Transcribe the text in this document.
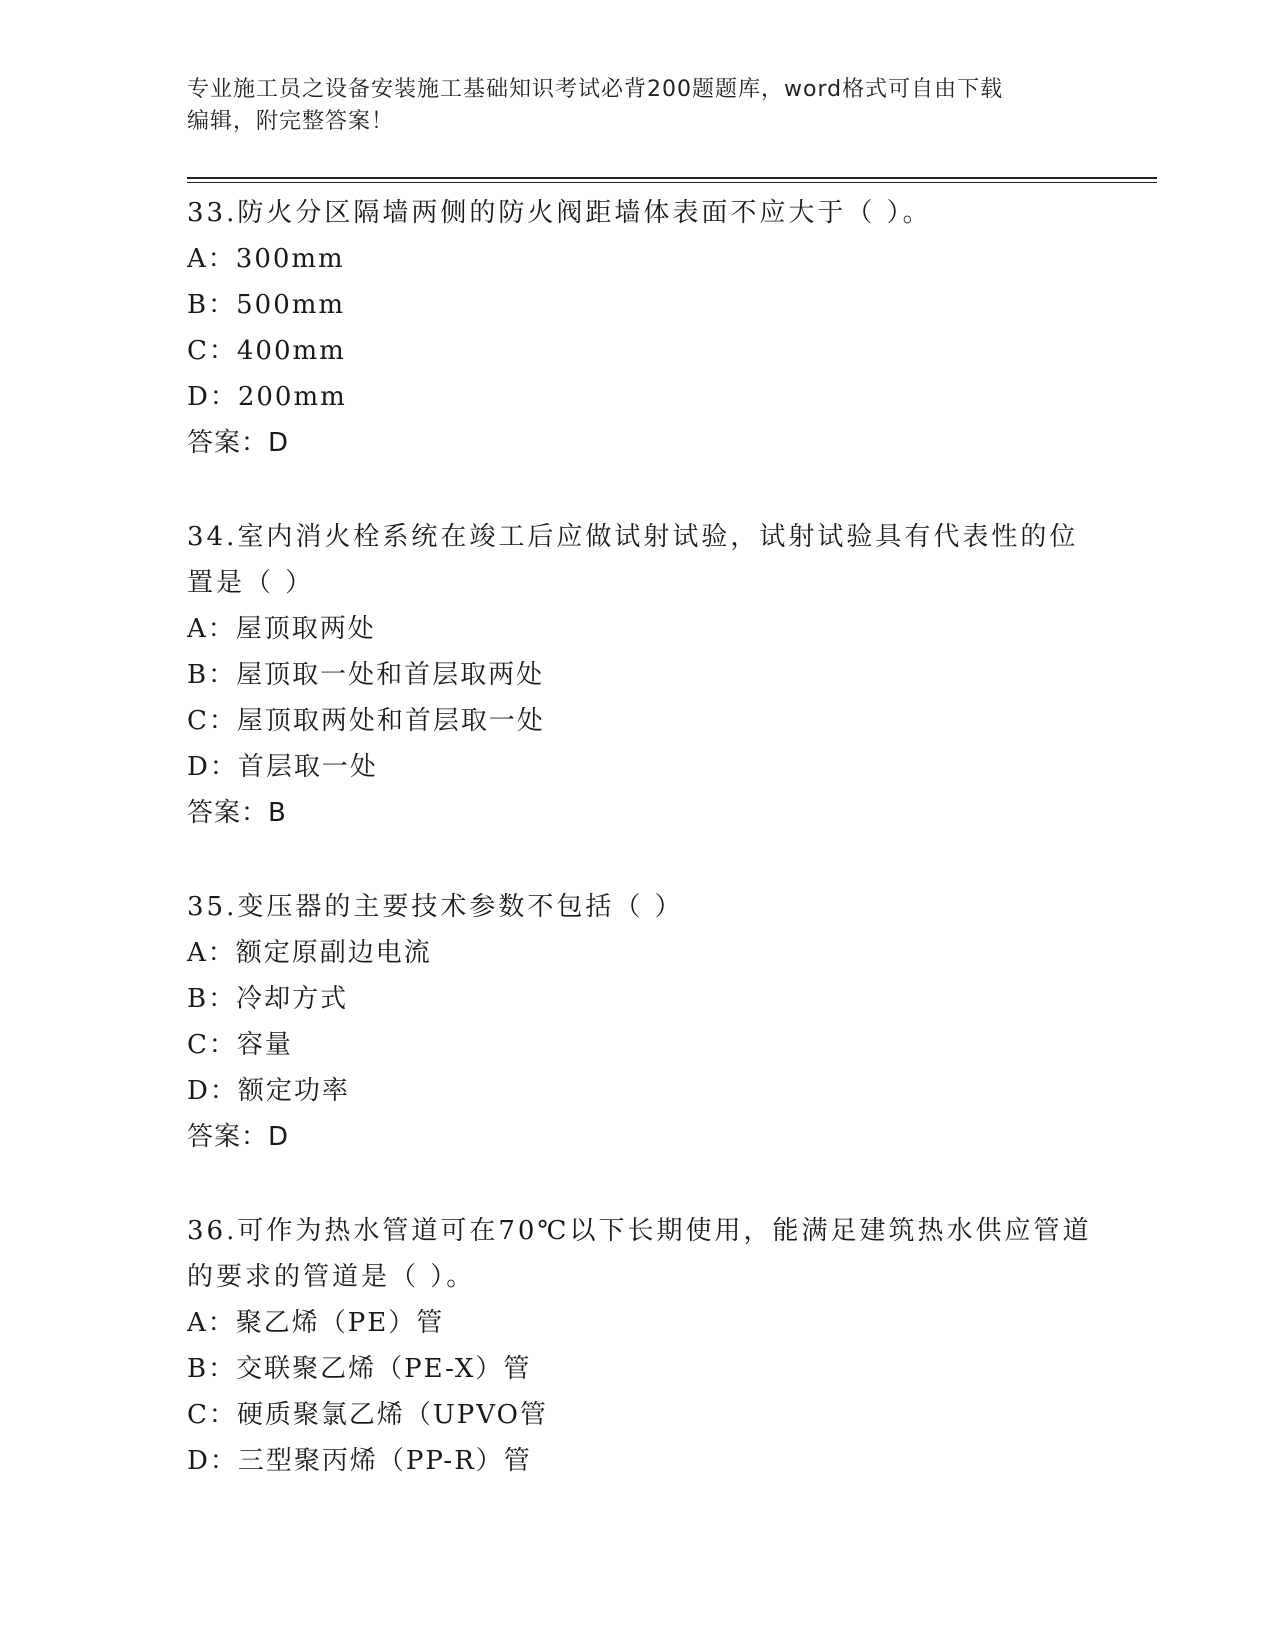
专业施工员之设备安装施工基础知识考试必背200题题库，word格式可自由下载
编辑，附完整答案！

33.防火分区隔墙两侧的防火阀距墙体表面不应大于（ ）。

A：300mm

B：500mm

C：400mm

D：200mm

答案：D

34.室内消火栓系统在竣工后应做试射试验，试射试验具有代表性的位置是（ ）

A：屋顶取两处

B：屋顶取一处和首层取两处

C：屋顶取两处和首层取一处

D：首层取一处

答案：B

35.变压器的主要技术参数不包括（ ）

A：额定原副边电流

B：冷却方式

C：容量

D：额定功率

答案：D

36.可作为热水管道可在70℃以下长期使用，能满足建筑热水供应管道的要求的管道是（ ）。

A：聚乙烯（PE）管

B：交联聚乙烯（PE-X）管

C：硬质聚氯乙烯（UPVO管

D：三型聚丙烯（PP-R）管
